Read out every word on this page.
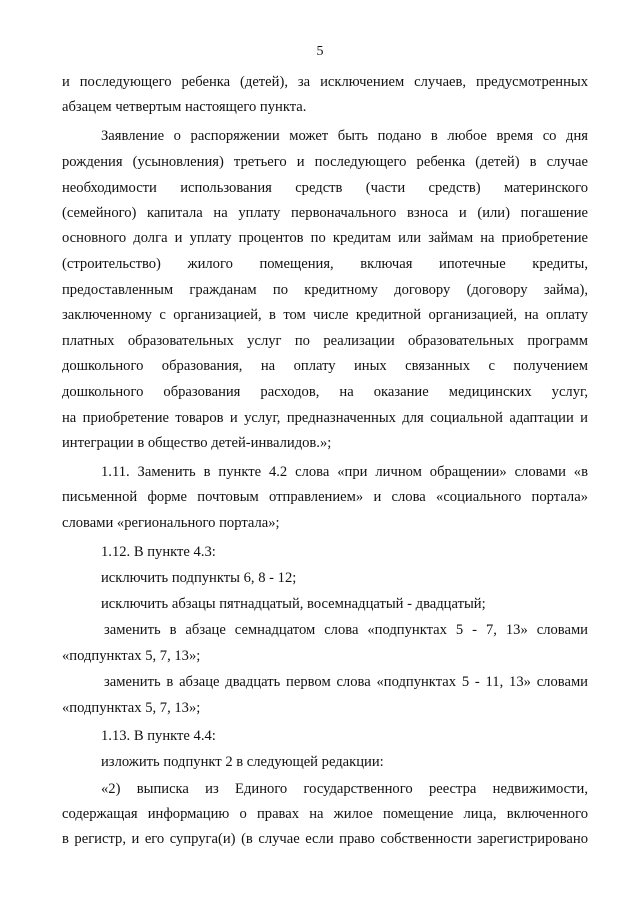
5
и последующего ребенка (детей), за исключением случаев, предусмотренных
абзацем четвертым настоящего пункта.
Заявление о распоряжении может быть подано в любое время со дня
рождения (усыновления) третьего и последующего ребенка (детей) в случае
необходимости использования средств (части средств) материнского
(семейного) капитала на уплату первоначального взноса и (или) погашение
основного долга и уплату процентов по кредитам или займам на приобретение
(строительство) жилого помещения, включая ипотечные кредиты,
предоставленным гражданам по кредитному договору (договору займа),
заключенному с организацией, в том числе кредитной организацией, на оплату
платных образовательных услуг по реализации образовательных программ
дошкольного образования, на оплату иных связанных с получением
дошкольного образования расходов, на оказание медицинских услуг,
на приобретение товаров и услуг, предназначенных для социальной адаптации и
интеграции в общество детей-инвалидов.»;
1.11. Заменить в пункте 4.2 слова «при личном обращении» словами «в
письменной форме почтовым отправлением» и слова «социального портала»
словами «регионального портала»;
1.12. В пункте 4.3:
исключить подпункты 6, 8 - 12;
исключить абзацы пятнадцатый, восемнадцатый - двадцатый;
заменить в абзаце семнадцатом слова «подпунктах 5 - 7, 13» словами
«подпунктах 5, 7, 13»;
заменить в абзаце двадцать первом слова «подпунктах 5 - 11, 13» словами
«подпунктах 5, 7, 13»;
1.13. В пункте 4.4:
изложить подпункт 2 в следующей редакции:
«2) выписка из Единого государственного реестра недвижимости,
содержащая информацию о правах на жилое помещение лица, включенного
в регистр, и его супруга(и) (в случае если право собственности зарегистрировано
